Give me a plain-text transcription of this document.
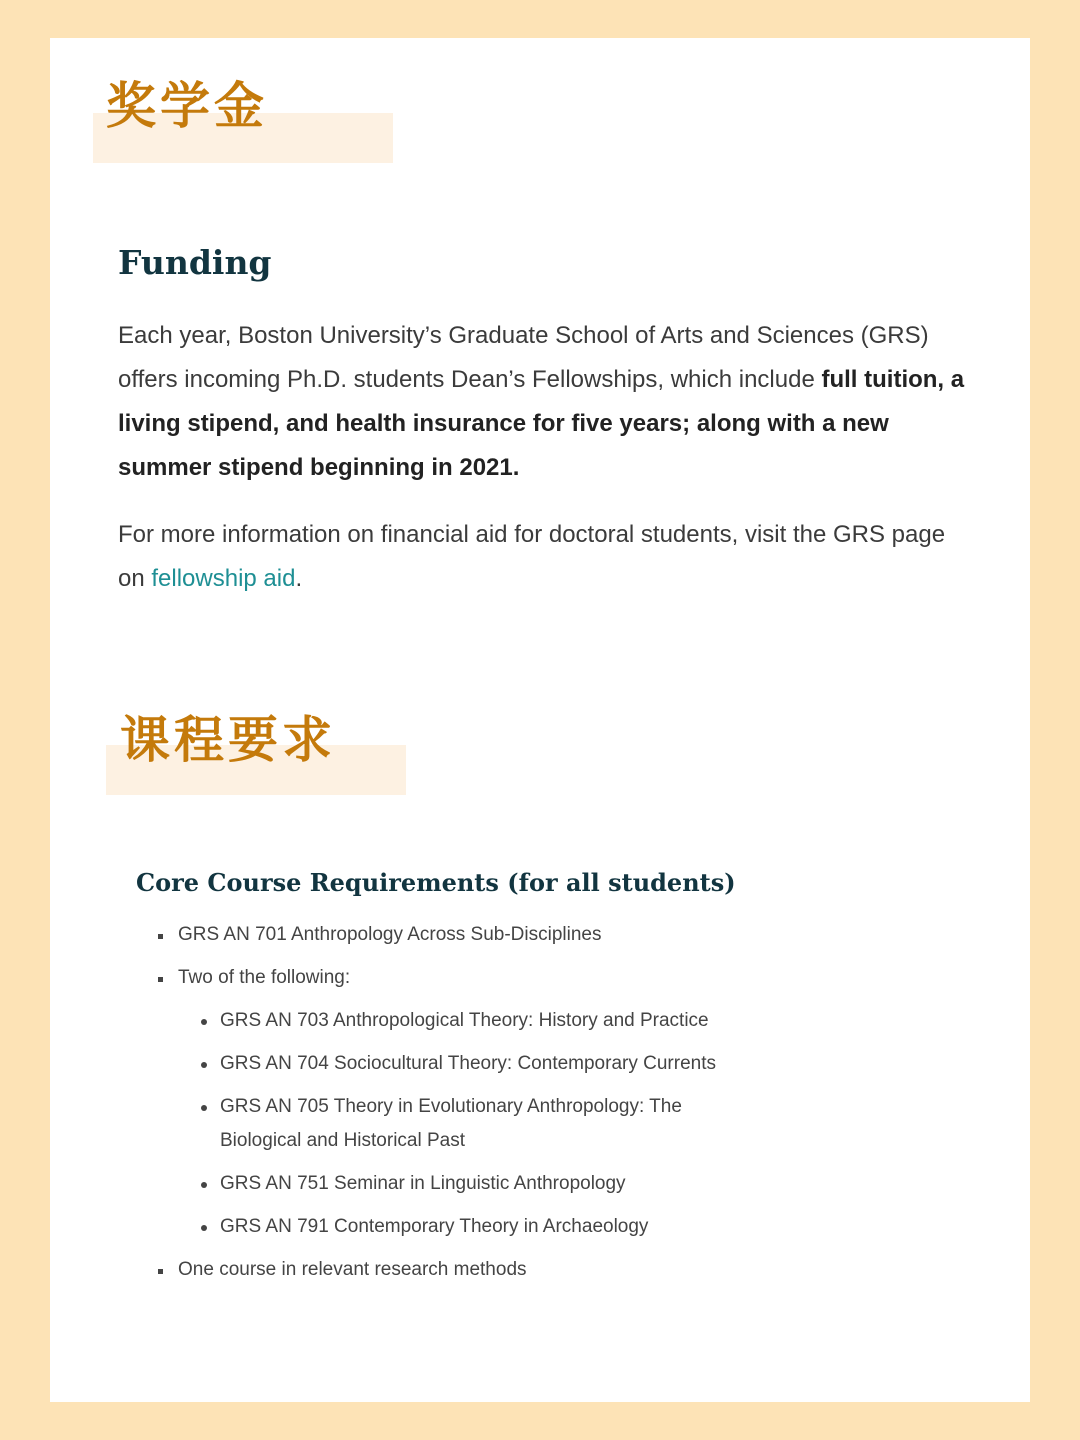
奖学金
Funding

Each year, Boston University’s Graduate School of Arts and Sciences (GRS) offers incoming Ph.D. students Dean’s Fellowships, which include full tuition, a living stipend, and health insurance for five years; along with a new summer stipend beginning in 2021.

For more information on financial aid for doctoral students, visit the GRS page on fellowship aid.

课程要求
Core Course Requirements (for all students)
GRS AN 701 Anthropology Across Sub-Disciplines
Two of the following:
GRS AN 703 Anthropological Theory: History and Practice
GRS AN 704 Sociocultural Theory: Contemporary Currents
GRS AN 705 Theory in Evolutionary Anthropology: The Biological and Historical Past
GRS AN 751 Seminar in Linguistic Anthropology
GRS AN 791 Contemporary Theory in Archaeology
One course in relevant research methods
